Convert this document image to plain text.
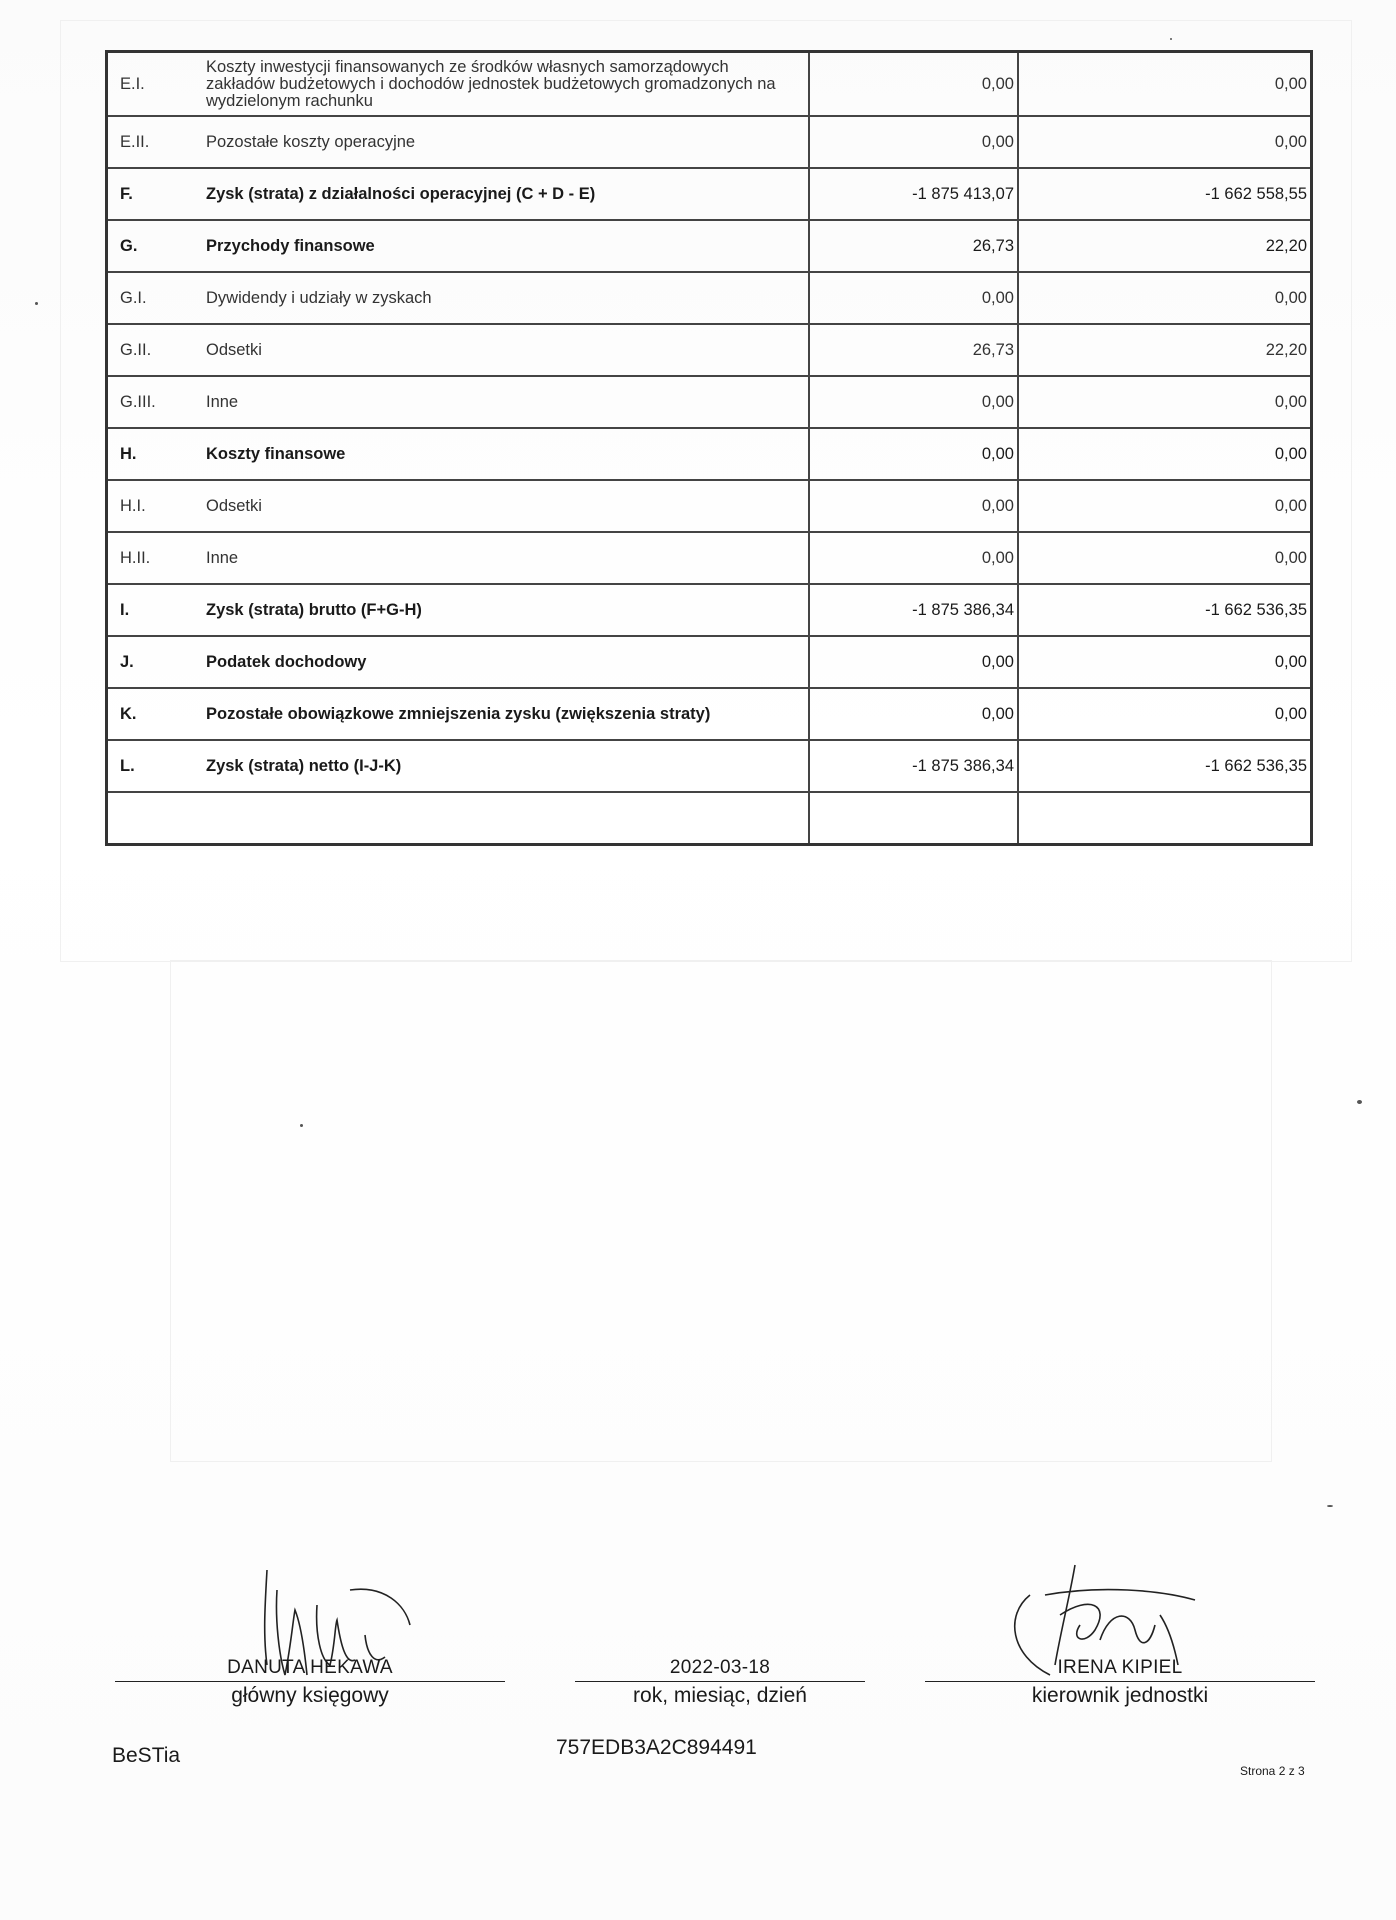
E.I.	Koszty inwestycji finansowanych ze środków własnych samorządowych zakładów budżetowych i dochodów jednostek budżetowych gromadzonych na wydzielonym rachunku	0,00	0,00
E.II.	Pozostałe koszty operacyjne	0,00	0,00
F.	Zysk (strata) z działalności operacyjnej (C + D - E)	-1 875 413,07	-1 662 558,55
G.	Przychody finansowe	26,73	22,20
G.I.	Dywidendy i udziały w zyskach	0,00	0,00
G.II.	Odsetki	26,73	22,20
G.III.	Inne	0,00	0,00
H.	Koszty finansowe	0,00	0,00
H.I.	Odsetki	0,00	0,00
H.II.	Inne	0,00	0,00
I.	Zysk (strata) brutto (F+G-H)	-1 875 386,34	-1 662 536,35
J.	Podatek dochodowy	0,00	0,00
K.	Pozostałe obowiązkowe zmniejszenia zysku (zwiększenia straty)	0,00	0,00
L.	Zysk (strata) netto (I-J-K)	-1 875 386,34	-1 662 536,35

DANUTA HEKAWA
główny księgowy
2022-03-18
rok, miesiąc, dzień
IRENA KIPIEL
kierownik jednostki
BeSTia	757EDB3A2C894491
Strona 2 z 3
